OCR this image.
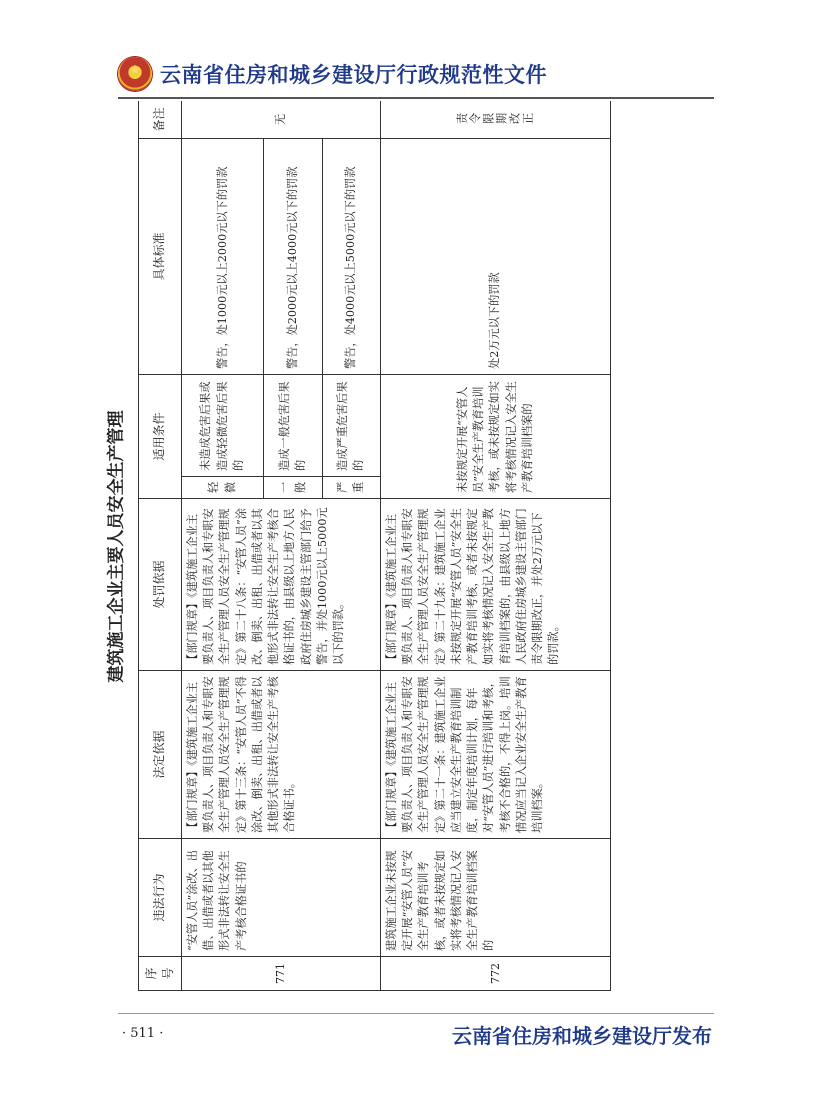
★
云南省住房和城乡建设厅行政规范性文件
建筑施工企业主要人员安全生产管理
序号	违法行为	法定依据	处罚依据	适用条件		具体标准	备注
771	“安管人员”涂改、出借、出借或者以其他形式非法转让安全生产考核合格证书的	【部门规章】《建筑施工企业主要负责人、项目负责人和专职安全生产管理人员安全生产管理规定》第十三条：“安管人员”不得涂改、倒卖、出租、出借或者以其他形式非法转让安全生产考核合格证书。	【部门规章】《建筑施工企业主要负责人、项目负责人和专职安全生产管理人员安全生产管理规定》第二十八条：“安管人员”涂改、倒卖、出租、出借或者以其他形式非法转让安全生产考核合格证书的，由县级以上地方人民政府住房城乡建设主管部门给予警告，并处1000元以上5000元以下的罚款。	轻微	未造成危害后果或造成轻微危害后果的	警告，处1000元以上2000元以下的罚款	无
				一般	造成一般危害后果的	警告，处2000元以上4000元以下的罚款	
				严重	造成严重危害后果的	警告，处4000元以上5000元以下的罚款	
772	建筑施工企业未按规定开展“安管人员”安全生产教育培训考核，或者未按规定如实将考核情况记入安全生产教育培训档案的	【部门规章】《建筑施工企业主要负责人、项目负责人和专职安全生产管理人员安全生产管理规定》第二十一条：建筑施工企业应当建立安全生产教育培训制度，制定年度培训计划，每年对“安管人员”进行培训和考核，考核不合格的，不得上岗。培训情况应当记入企业安全生产教育培训档案。	【部门规章】《建筑施工企业主要负责人、项目负责人和专职安全生产管理人员安全生产管理规定》第二十九条：建筑施工企业未按规定开展“安管人员”安全生产教育培训考核，或者未按规定如实将考核情况记入安全生产教育培训档案的，由县级以上地方人民政府住房城乡建设主管部门责令限期改正，并处2万元以下的罚款。	未按规定开展“安管人员”安全生产教育培训考核，或未按规定如实将考核情况记入安全生产教育培训档案的		处2万元以下的罚款	责令限期改正
· 511 ·	云南省住房和城乡建设厅发布
